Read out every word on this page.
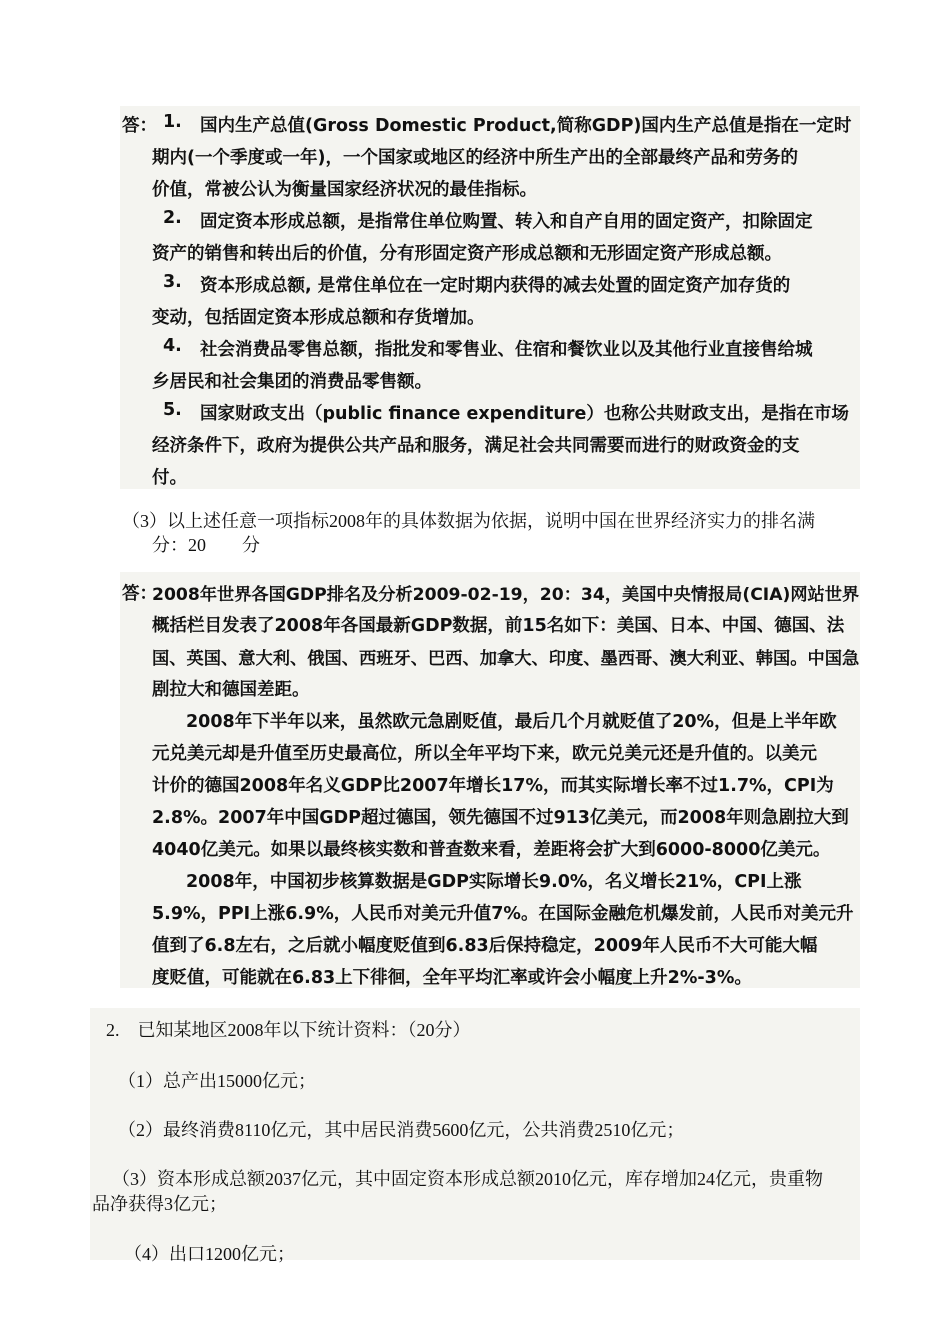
答： 1. 国内生产总值(Gross Domestic Product,简称GDP)国内生产总值是指在一定时
期内(一个季度或一年)，一个国家或地区的经济中所生产出的全部最终产品和劳务的
价值，常被公认为衡量国家经济状况的最佳指标。
2. 固定资本形成总额，是指常住单位购置、转入和自产自用的固定资产，扣除固定
资产的销售和转出后的价值，分有形固定资产形成总额和无形固定资产形成总额。
3. 资本形成总额, 是常住单位在一定时期内获得的减去处置的固定资产加存货的
变动，包括固定资本形成总额和存货增加。
4. 社会消费品零售总额，指批发和零售业、住宿和餐饮业以及其他行业直接售给城
乡居民和社会集团的消费品零售额。
5. 国家财政支出（public finance expenditure）也称公共财政支出，是指在市场
经济条件下，政府为提供公共产品和服务，满足社会共同需要而进行的财政资金的支
付。
（3）以上述任意一项指标2008年的具体数据为依据，说明中国在世界经济实力的排名满
分：20　　分
答：
2008年世界各国GDP排名及分析2009-02-19，20：34，美国中央情报局(CIA)网站世界
概括栏目发表了2008年各国最新GDP数据，前15名如下：美国、日本、中国、德国、法
国、英国、意大利、俄国、西班牙、巴西、加拿大、印度、墨西哥、澳大利亚、韩国。中国急
剧拉大和德国差距。
2008年下半年以来，虽然欧元急剧贬值，最后几个月就贬值了20%，但是上半年欧
元兑美元却是升值至历史最高位，所以全年平均下来，欧元兑美元还是升值的。以美元
计价的德国2008年名义GDP比2007年增长17%，而其实际增长率不过1.7%，CPI为
2.8%。2007年中国GDP超过德国，领先德国不过913亿美元，而2008年则急剧拉大到
4040亿美元。如果以最终核实数和普查数来看，差距将会扩大到6000-8000亿美元。
2008年，中国初步核算数据是GDP实际增长9.0%，名义增长21%，CPI上涨
5.9%，PPI上涨6.9%，人民币对美元升值7%。在国际金融危机爆发前，人民币对美元升
值到了6.8左右，之后就小幅度贬值到6.83后保持稳定，2009年人民币不大可能大幅
度贬值，可能就在6.83上下徘徊，全年平均汇率或许会小幅度上升2%-3%。
2.　已知某地区2008年以下统计资料：（20分）
（1）总产出15000亿元；
（2）最终消费8110亿元，其中居民消费5600亿元，公共消费2510亿元；
（3）资本形成总额2037亿元，其中固定资本形成总额2010亿元，库存增加24亿元，贵重物
品净获得3亿元；
（4）出口1200亿元；
